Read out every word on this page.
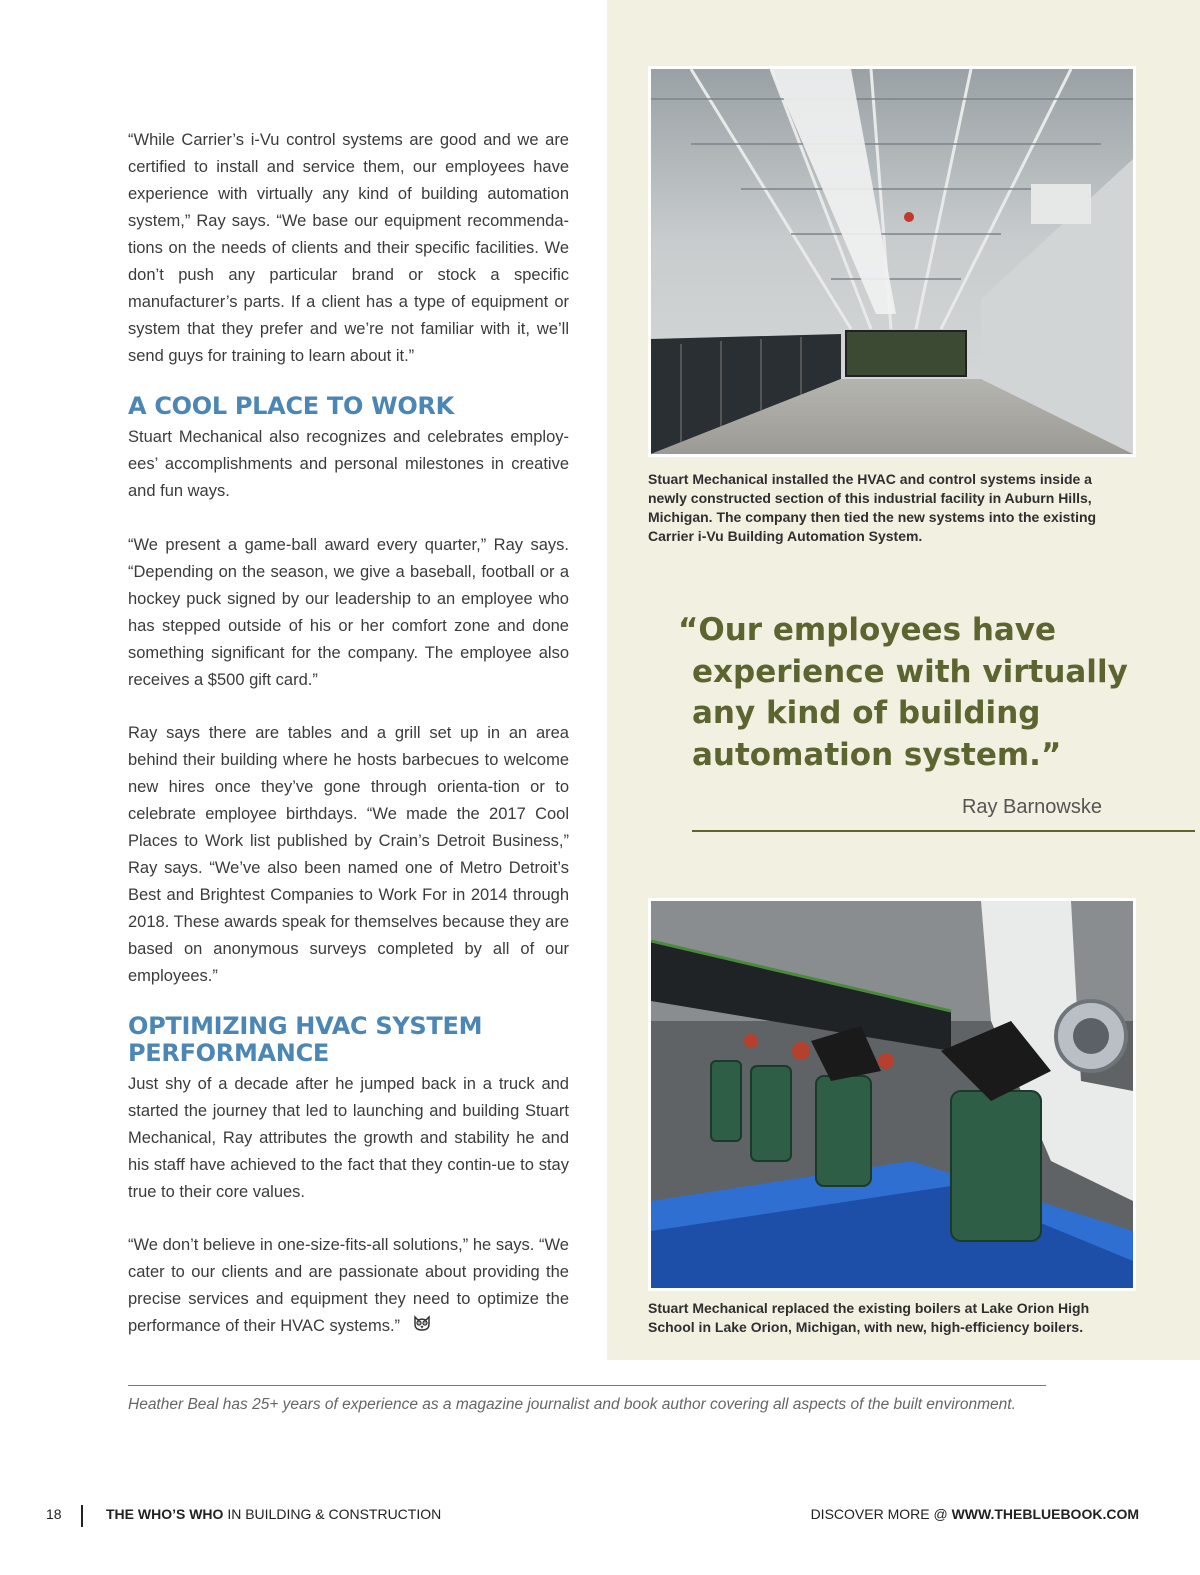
“While Carrier’s i-Vu control systems are good and we are certified to install and service them, our employees have experience with virtually any kind of building automation system,” Ray says. “We base our equipment recommenda-tions on the needs of clients and their specific facilities. We don’t push any particular brand or stock a specific manufacturer’s parts. If a client has a type of equipment or system that they prefer and we’re not familiar with it, we’ll send guys for training to learn about it.”

A COOL PLACE TO WORK

Stuart Mechanical also recognizes and celebrates employ-ees’ accomplishments and personal milestones in creative and fun ways.

“We present a game-ball award every quarter,” Ray says. “Depending on the season, we give a baseball, football or a hockey puck signed by our leadership to an employee who has stepped outside of his or her comfort zone and done something significant for the company. The employee also receives a $500 gift card.”

Ray says there are tables and a grill set up in an area behind their building where he hosts barbecues to welcome new hires once they’ve gone through orienta-tion or to celebrate employee birthdays. “We made the 2017 Cool Places to Work list published by Crain’s Detroit Business,” Ray says. “We’ve also been named one of Metro Detroit’s Best and Brightest Companies to Work For in 2014 through 2018. These awards speak for themselves because they are based on anonymous surveys completed by all of our employees.”

OPTIMIZING HVAC SYSTEM
PERFORMANCE

Just shy of a decade after he jumped back in a truck and started the journey that led to launching and building Stuart Mechanical, Ray attributes the growth and stability he and his staff have achieved to the fact that they contin-ue to stay true to their core values.

“We don’t believe in one-size-fits-all solutions,” he says. “We cater to our clients and are passionate about providing the precise services and equipment they need to optimize the performance of their HVAC systems.”

Stuart Mechanical installed the HVAC and control systems inside a newly constructed section of this industrial facility in Auburn Hills, Michigan. The company then tied the new systems into the existing Carrier i-Vu Building Automation System.

“Our employees have
experience with virtually
any kind of building
automation system.”
Ray Barnowske

Stuart Mechanical replaced the existing boilers at Lake Orion High School in Lake Orion, Michigan, with new, high-efficiency boilers.

Heather Beal has 25+ years of experience as a magazine journalist and book author covering all aspects of the built environment.
18	THE WHO’S WHO IN BUILDING & CONSTRUCTION	DISCOVER MORE @ WWW.THEBLUEBOOK.COM
